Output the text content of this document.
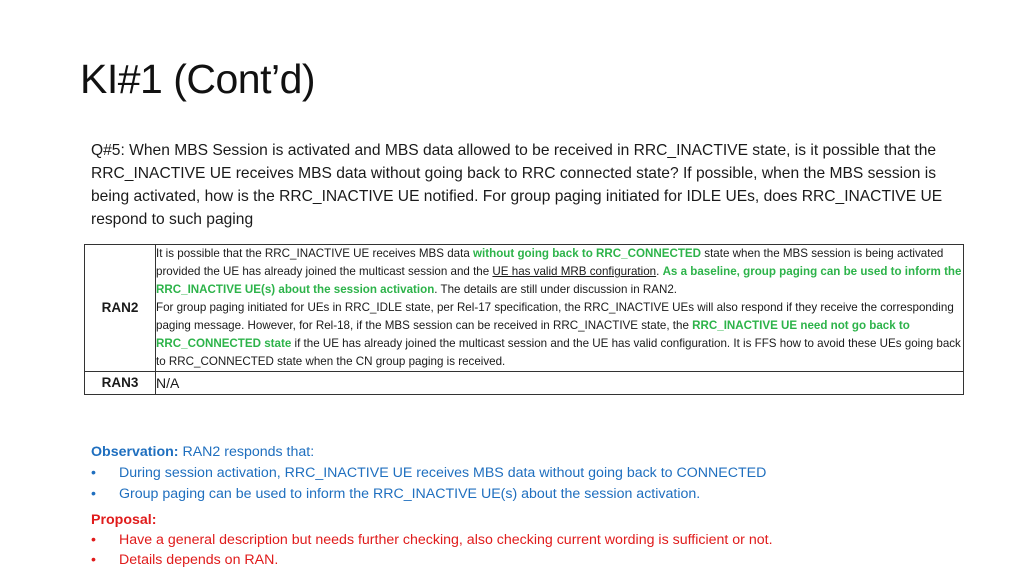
KI#1 (Cont’d)
Q#5: When MBS Session is activated and MBS data allowed to be received in RRC_INACTIVE state, is it possible that the RRC_INACTIVE UE receives MBS data without going back to RRC connected state? If possible, when the MBS session is being activated, how is the RRC_INACTIVE UE notified. For group paging initiated for IDLE UEs, does RRC_INACTIVE UE respond to such paging
RAN2	It is possible that the RRC_INACTIVE UE receives MBS data without going back to RRC_CONNECTED state when the MBS session is being activated provided the UE has already joined the multicast session and the UE has valid MRB configuration. As a baseline, group paging can be used to inform the RRC_INACTIVE UE(s) about the session activation. The details are still under discussion in RAN2.
For group paging initiated for UEs in RRC_IDLE state, per Rel-17 specification, the RRC_INACTIVE UEs will also respond if they receive the corresponding paging message. However, for Rel-18, if the MBS session can be received in RRC_INACTIVE state, the RRC_INACTIVE UE need not go back to RRC_CONNECTED state if the UE has already joined the multicast session and the UE has valid configuration. It is FFS how to avoid these UEs going back to RRC_CONNECTED state when the CN group paging is received.

RAN3	N/A
Observation: RAN2 responds that:
•	During session activation, RRC_INACTIVE UE receives MBS data without going back to CONNECTED
•	Group paging can be used to inform the RRC_INACTIVE UE(s) about the session activation.
Proposal:
•	Have a general description but needs further checking, also checking current wording is sufficient or not.
•	Details depends on RAN.
